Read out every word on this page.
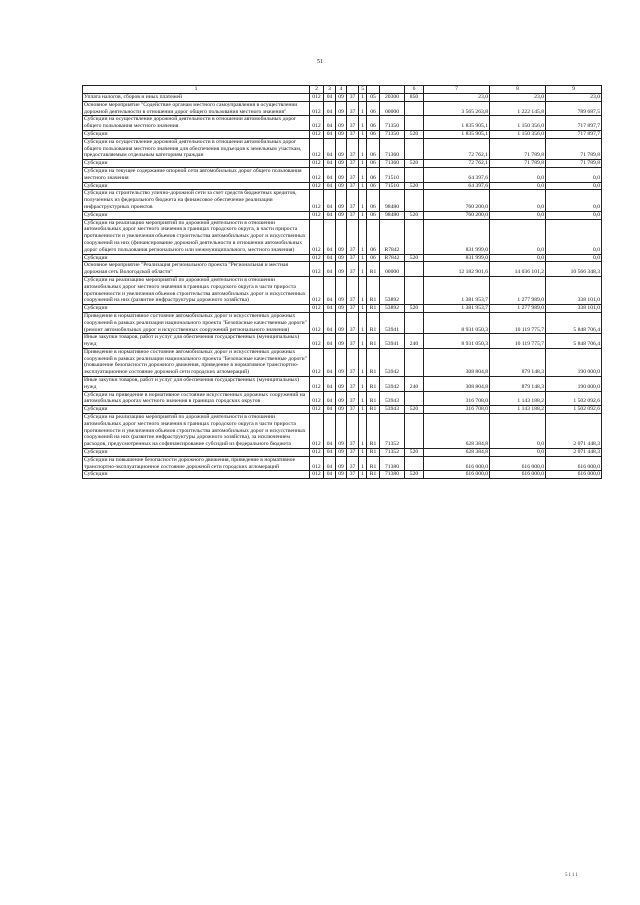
51
1	2	3	4		5			6	7	8	9
Уплата налогов, сборов и иных платежей	012	04	09	37	1	05	20300	850	23,0	23,0	23,0
Основное мероприятие "Содействие органам местного самоуправления в осуществлении дорожной деятельности в отношении дорог общего пользования местного значения"	012	04	09	37	1	06	00000		3 565 263,8	1 222 145,8	789 687,5
Субсидии на осуществление дорожной деятельности в отношении автомобильных дорог общего пользования местного значения	012	04	09	37	1	06	71350		1 835 905,1	1 150 356,0	717 897,7
Субсидии	012	04	09	37	1	06	71350	520	1 835 905,1	1 150 356,0	717 897,7
Субсидии на осуществление дорожной деятельности в отношении автомобильных дорог общего пользования местного значения для обеспечения подъездов к земельным участкам, предоставляемым отдельным категориям граждан	012	04	09	37	1	06	71360		72 762,1	71 789,8	71 789,8
Субсидии	012	04	09	37	1	06	71360	520	72 762,1	71 789,8	71 789,8
Субсидии на текущее содержание опорной сети автомобильных дорог общего пользования местного значения	012	04	09	37	1	06	71510		64 397,6	0,0	0,0
Субсидии	012	04	09	37	1	06	71510	520	64 397,6	0,0	0,0
Субсидии на строительство улично-дорожной сети за счет средств бюджетных кредитов, полученных из федерального бюджета на финансовое обеспечение реализации инфраструктурных проектов	012	04	09	37	1	06	98480		760 200,0	0,0	0,0
Субсидии	012	04	09	37	1	06	98480	520	760 200,0	0,0	0,0
Субсидии на реализацию мероприятий по дорожной деятельности в отношении автомобильных дорог местного значения в границах городского округа, в части прироста протяженности и увеличения объемов строительства автомобильных дорог и искусственных сооружений на них (финансирование дорожной деятельности в отношении автомобильных дорог общего пользования регионального или межмуниципального, местного значения)	012	04	09	37	1	06	R7842		831 999,0	0,0	0,0
Субсидии	012	04	09	37	1	06	R7842	520	831 999,0	0,0	0,0
Основное мероприятие "Реализация регионального проекта "Региональная и местная дорожная сеть Вологодской области"	012	04	09	37	1	R1	00000		12 182 901,6	14 036 101,2	10 566 348,3
Субсидии на реализацию мероприятий по дорожной деятельности в отношении автомобильных дорог местного значения в границах городского округа в части прироста протяженности и увеличения объемов строительства автомобильных дорог и искусственных сооружений на них (развитие инфраструктуры дорожного хозяйства)	012	04	09	37	1	R1	53892		1 381 953,7	1 277 989,0	338 101,0
Субсидии	012	04	09	37	1	R1	53892	520	1 381 953,7	1 277 989,0	338 101,0
Приведение в нормативное состояние автомобильных дорог и искусственных дорожных сооружений в рамках реализации национального проекта "Безопасные качественные дороги" (ремонт автомобильных дорог и искусственных сооружений регионального значения)	012	04	09	37	1	R1	53941		8 931 050,3	10 119 775,7	5 848 706,4
Иные закупки товаров, работ и услуг для обеспечения государственных (муниципальных) нужд	012	04	09	37	1	R1	53941	240	8 931 050,3	10 119 775,7	5 848 706,4
Приведение в нормативное состояние автомобильных дорог и искусственных дорожных сооружений в рамках реализации национального проекта "Безопасные качественные дороги" (повышение безопасности дорожного движения, приведение в нормативное транспортно-эксплуатационное состояние дорожной сети городских агломераций)	012	04	09	37	1	R1	53942		308 804,8	879 148,3	190 000,0
Иные закупки товаров, работ и услуг для обеспечения государственных (муниципальных) нужд	012	04	09	37	1	R1	53942	240	308 804,8	879 148,3	190 000,0
Субсидии на приведение в нормативное состояние искусственных дорожных сооружений на автомобильных дорогах местного значения в границах городских округов	012	04	09	37	1	R1	53943		316 708,0	1 143 188,2	1 502 092,6
Субсидии	012	04	09	37	1	R1	53943	520	316 708,0	1 143 188,2	1 502 092,6
Субсидии на реализацию мероприятий по дорожной деятельности в отношении автомобильных дорог местного значения в границах городского округа в части прироста протяженности и увеличения объемов строительства автомобильных дорог и искусственных сооружений на них (развитие инфраструктуры дорожного хозяйства), за исключением расходов, предусмотренных на софинансирование субсидий из федерального бюджета	012	04	09	37	1	R1	71352		628 384,8	0,0	2 071 448,3
Субсидии	012	04	09	37	1	R1	71352	520	628 384,8	0,0	2 071 448,3
Субсидии на повышение безопасности дорожного движения, приведение в нормативное транспортно-эксплуатационное состояние дорожной сети городских агломераций	012	04	09	37	1	R1	71380		616 000,0	616 000,0	616 000,0
Субсидии	012	04	09	37	1	R1	71380	520	616 000,0	616 000,0	616 000,0
5111
